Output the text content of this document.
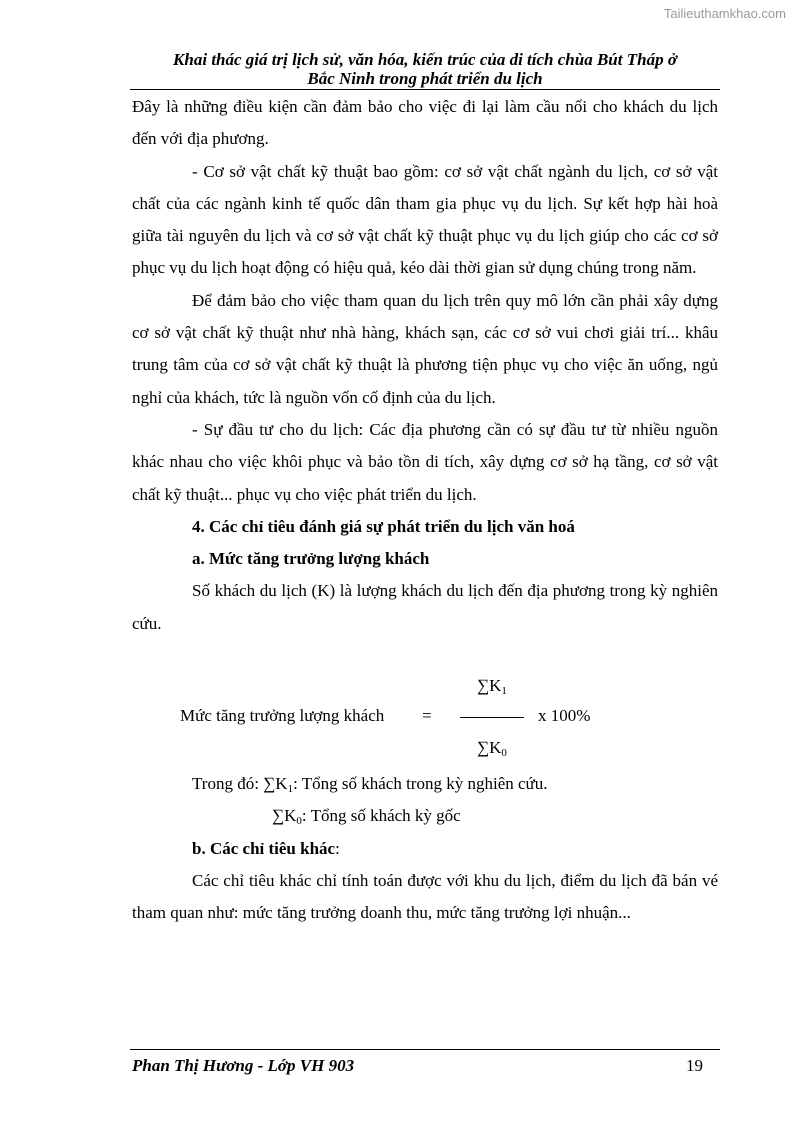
Tailieuthamkhao.com
Khai thác giá trị lịch sử, văn hóa, kiến trúc của di tích chùa Bút Tháp ở
Bắc Ninh trong phát triển du lịch

Đây là những điều kiện cần đảm bảo cho việc đi lại làm cầu nối cho khách du lịch đến với địa phương.

- Cơ sở vật chất kỹ thuật bao gồm: cơ sở vật chất ngành du lịch, cơ sở vật chất của các ngành kinh tế quốc dân tham gia phục vụ du lịch. Sự kết hợp hài hoà giữa tài nguyên du lịch và cơ sở vật chất kỹ thuật phục vụ du lịch giúp cho các cơ sở phục vụ du lịch hoạt động có hiệu quả, kéo dài thời gian sử dụng chúng trong năm.

Để đảm bảo cho việc tham quan du lịch trên quy mô lớn cần phải xây dựng cơ sở vật chất kỹ thuật như nhà hàng, khách sạn, các cơ sở vui chơi giải trí... khâu trung tâm của cơ sở vật chất kỹ thuật là phương tiện phục vụ cho việc ăn uống, ngủ nghỉ của khách, tức là nguồn vốn cố định của du lịch.

- Sự đầu tư cho du lịch: Các địa phương cần có sự đầu tư từ nhiều nguồn khác nhau cho việc khôi phục và bảo tồn di tích, xây dựng cơ sở hạ tầng, cơ sở vật chất kỹ thuật... phục vụ cho việc phát triển du lịch.

4. Các chỉ tiêu đánh giá sự phát triển du lịch văn hoá

a. Mức tăng trưởng lượng khách

Số khách du lịch (K) là lượng khách du lịch đến địa phương trong kỳ nghiên cứu.

Mức tăng trưởng lượng khách =
$\sum K_1$
$\sum K_0$
x 100%

Trong đó: $\sum K_1$: Tổng số khách trong kỳ nghiên cứu.

$\sum K_0$: Tổng số khách kỳ gốc

b. Các chỉ tiêu khác:

Các chỉ tiêu khác chỉ tính toán được với khu du lịch, điểm du lịch đã bán vé tham quan như: mức tăng trưởng doanh thu, mức tăng trưởng lợi nhuận...

Phan Thị Hương - Lớp VH 903	19
